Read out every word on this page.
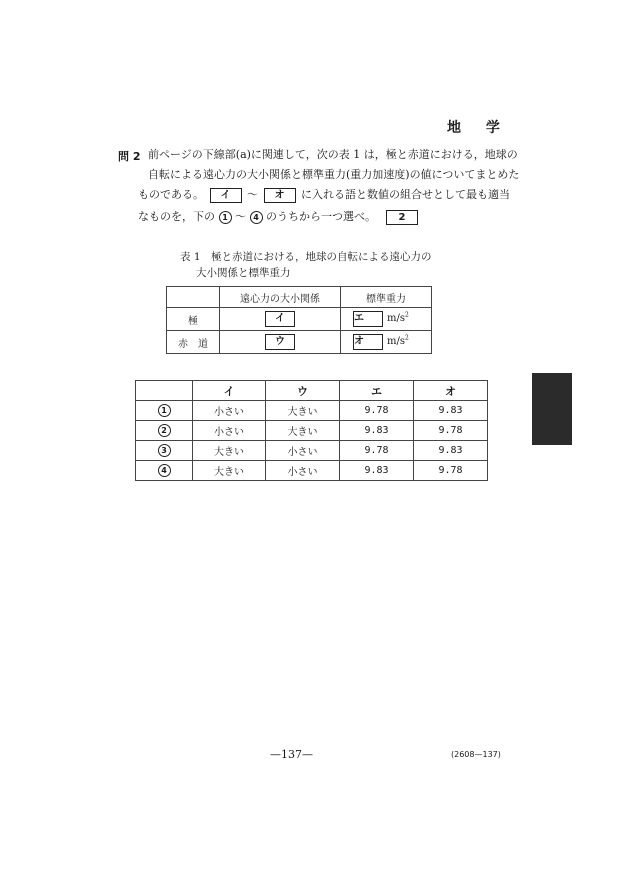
地 学
問 2 前ページの下線部(a)に関連して，次の表 1 は，極と赤道における，地球の
自転による遠心力の大小関係と標準重力(重力加速度)の値についてまとめた
ものである。 イ 〜 オ に入れる語と数値の組合せとして最も適当
なものを，下の 1 〜 4 のうちから一つ選べ。 2
表 1　極と赤道における，地球の自転による遠心力の
大小関係と標準重力
	遠心力の大小関係	標準重力
極	イ	エ $m/s^2$
赤　道	ウ	オ $m/s^2$
	イ	ウ	エ	オ
1	小さい	大きい	9.78	9.83
2	小さい	大きい	9.83	9.78
3	大きい	小さい	9.78	9.83
4	大きい	小さい	9.83	9.78
—137—	(2608—137)
